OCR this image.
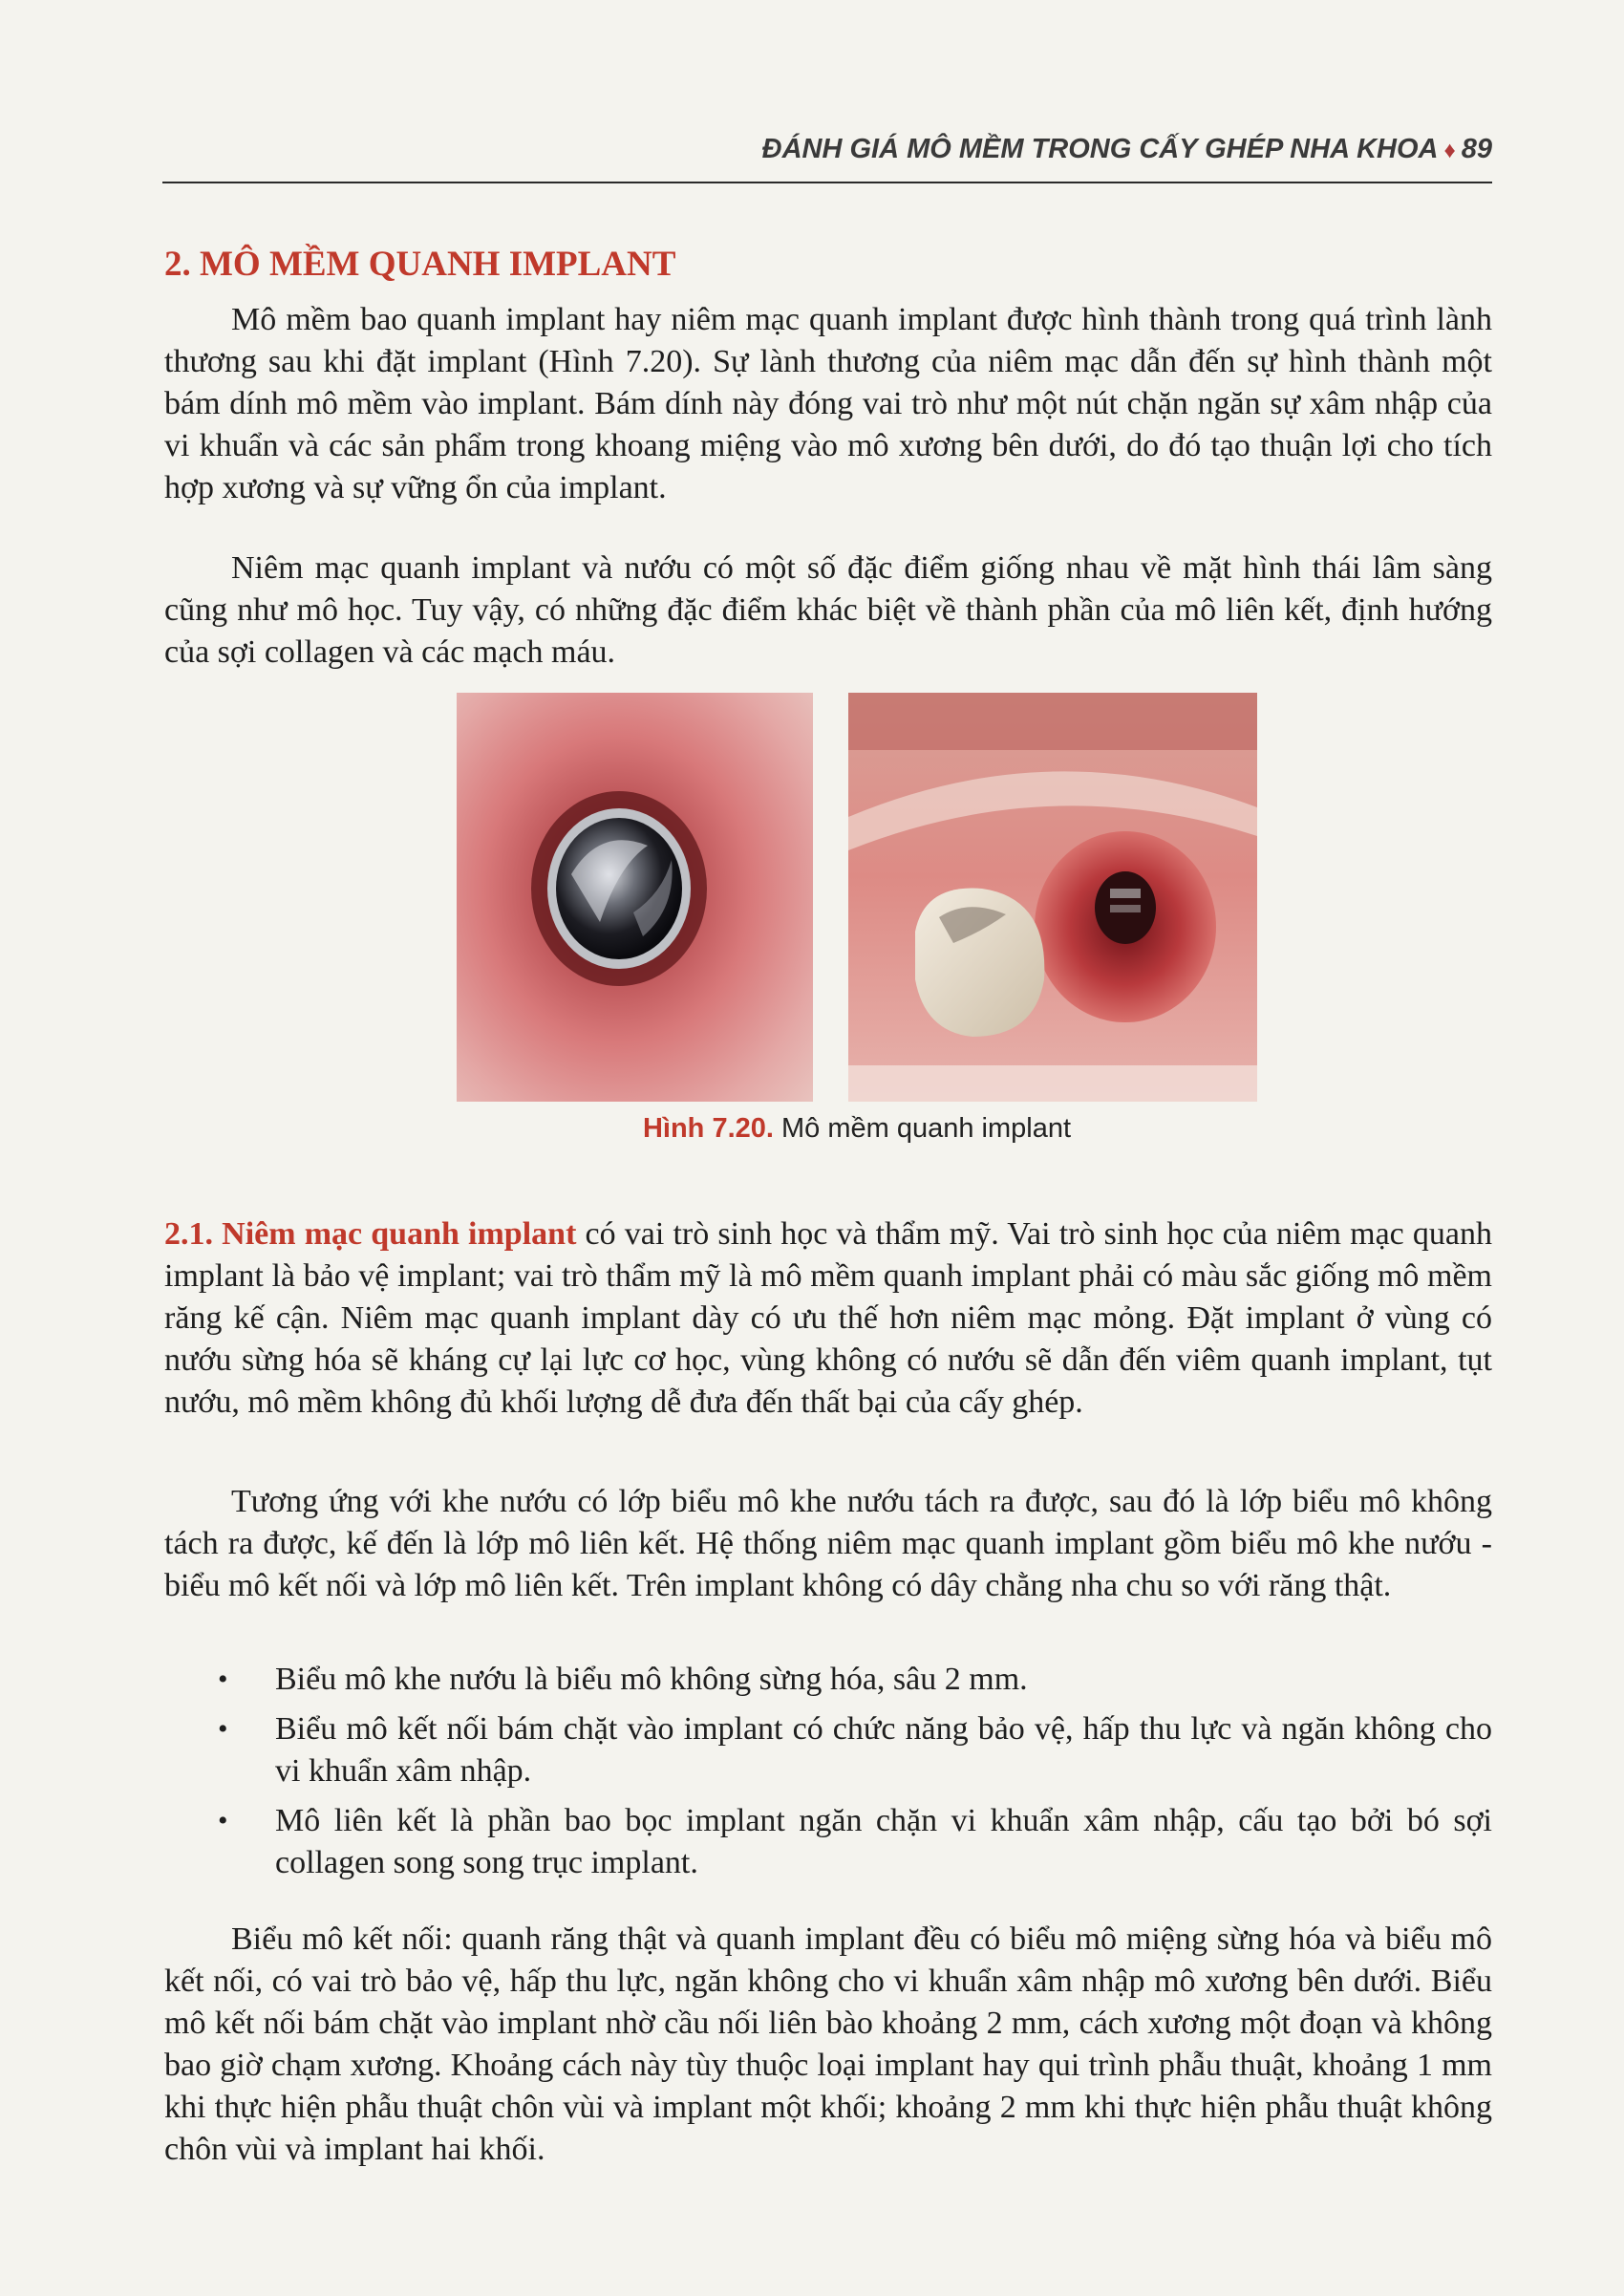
ĐÁNH GIÁ MÔ MỀM TRONG CẤY GHÉP NHA KHOA ♦ 89
2. MÔ MỀM QUANH IMPLANT

Mô mềm bao quanh implant hay niêm mạc quanh implant được hình thành trong quá trình lành thương sau khi đặt implant (Hình 7.20). Sự lành thương của niêm mạc dẫn đến sự hình thành một bám dính mô mềm vào implant. Bám dính này đóng vai trò như một nút chặn ngăn sự xâm nhập của vi khuẩn và các sản phẩm trong khoang miệng vào mô xương bên dưới, do đó tạo thuận lợi cho tích hợp xương và sự vững ổn của implant.

Niêm mạc quanh implant và nướu có một số đặc điểm giống nhau về mặt hình thái lâm sàng cũng như mô học. Tuy vậy, có những đặc điểm khác biệt về thành phần của mô liên kết, định hướng của sợi collagen và các mạch máu.

Hình 7.20. Mô mềm quanh implant

2.1. Niêm mạc quanh implant có vai trò sinh học và thẩm mỹ. Vai trò sinh học của niêm mạc quanh implant là bảo vệ implant; vai trò thẩm mỹ là mô mềm quanh implant phải có màu sắc giống mô mềm răng kế cận. Niêm mạc quanh implant dày có ưu thế hơn niêm mạc mỏng. Đặt implant ở vùng có nướu sừng hóa sẽ kháng cự lại lực cơ học, vùng không có nướu sẽ dẫn đến viêm quanh implant, tụt nướu, mô mềm không đủ khối lượng dễ đưa đến thất bại của cấy ghép.

Tương ứng với khe nướu có lớp biểu mô khe nướu tách ra được, sau đó là lớp biểu mô không tách ra được, kế đến là lớp mô liên kết. Hệ thống niêm mạc quanh implant gồm biểu mô khe nướu - biểu mô kết nối và lớp mô liên kết. Trên implant không có dây chằng nha chu so với răng thật.

• Biểu mô khe nướu là biểu mô không sừng hóa, sâu 2 mm.
• Biểu mô kết nối bám chặt vào implant có chức năng bảo vệ, hấp thu lực và ngăn không cho vi khuẩn xâm nhập.
• Mô liên kết là phần bao bọc implant ngăn chặn vi khuẩn xâm nhập, cấu tạo bởi bó sợi collagen song song trục implant.

Biểu mô kết nối: quanh răng thật và quanh implant đều có biểu mô miệng sừng hóa và biểu mô kết nối, có vai trò bảo vệ, hấp thu lực, ngăn không cho vi khuẩn xâm nhập mô xương bên dưới. Biểu mô kết nối bám chặt vào implant nhờ cầu nối liên bào khoảng 2 mm, cách xương một đoạn và không bao giờ chạm xương. Khoảng cách này tùy thuộc loại implant hay qui trình phẫu thuật, khoảng 1 mm khi thực hiện phẫu thuật chôn vùi và implant một khối; khoảng 2 mm khi thực hiện phẫu thuật không chôn vùi và implant hai khối.
